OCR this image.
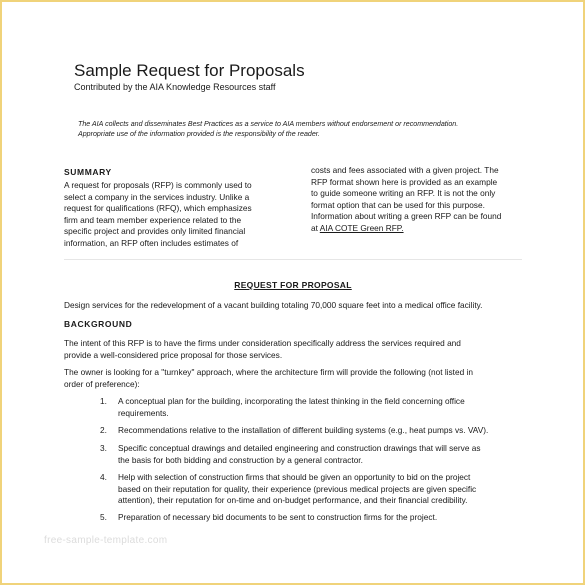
Sample Request for Proposals
Contributed by the AIA Knowledge Resources staff
The AIA collects and disseminates Best Practices as a service to AIA members without endorsement or recommendation.
Appropriate use of the information provided is the responsibility of the reader.
SUMMARY
A request for proposals (RFP) is commonly used to
select a company in the services industry. Unlike a
request for qualifications (RFQ), which emphasizes
firm and team member experience related to the
specific project and provides only limited financial
information, an RFP often includes estimates of
costs and fees associated with a given project. The
RFP format shown here is provided as an example
to guide someone writing an RFP. It is not the only
format option that can be used for this purpose.
Information about writing a green RFP can be found
at AIA COTE Green RFP.
REQUEST FOR PROPOSAL
Design services for the redevelopment of a vacant building totaling 70,000 square feet into a medical office facility.
BACKGROUND
The intent of this RFP is to have the firms under consideration specifically address the services required and
provide a well-considered price proposal for those services.
The owner is looking for a "turnkey" approach, where the architecture firm will provide the following (not listed in
order of preference):
1.	A conceptual plan for the building, incorporating the latest thinking in the field concerning office
requirements.
2.	Recommendations relative to the installation of different building systems (e.g., heat pumps vs. VAV).
3.	Specific conceptual drawings and detailed engineering and construction drawings that will serve as
the basis for both bidding and construction by a general contractor.
4.	Help with selection of construction firms that should be given an opportunity to bid on the project
based on their reputation for quality, their experience (previous medical projects are given specific
attention), their reputation for on-time and on-budget performance, and their financial credibility.
5.	Preparation of necessary bid documents to be sent to construction firms for the project.
free-sample-template.com
